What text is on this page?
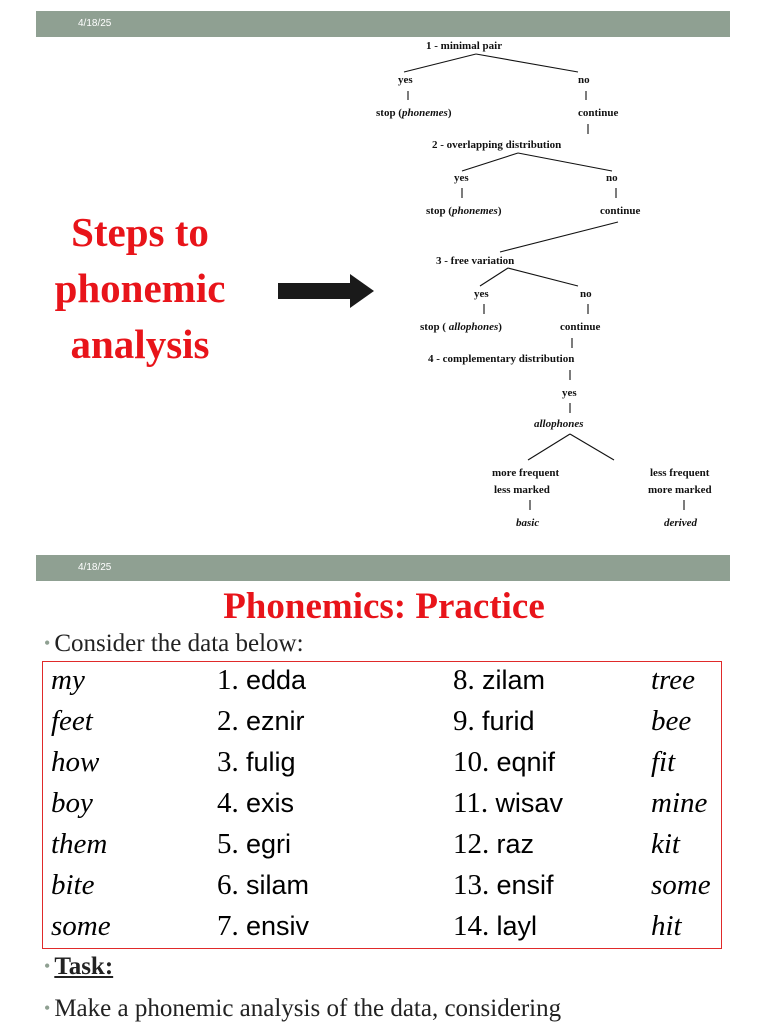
4/18/25
Steps to
phonemic
analysis
1 - minimal pair
yes	no
stop (phonemes)	continue
2 - overlapping distribution
yes	no
stop (phonemes)	continue
3 - free variation
yes	no
stop ( allophones)	continue
4 - complementary distribution
yes
allophones
more frequent
less marked
basic
less frequent
more marked
derived
4/18/25
Phonemics: Practice
• Consider the data below:
my	1. edda	8. zilam	tree
feet	2. eznir	9. furid	bee
how	3. fulig	10. eqnif	fit
boy	4. exis	11. wisav	mine
them	5. egri	12. raz	kit
bite	6. silam	13. ensif	some
some	7. ensiv	14. layl	hit
• Task:
• Make a phonemic analysis of the data, considering
